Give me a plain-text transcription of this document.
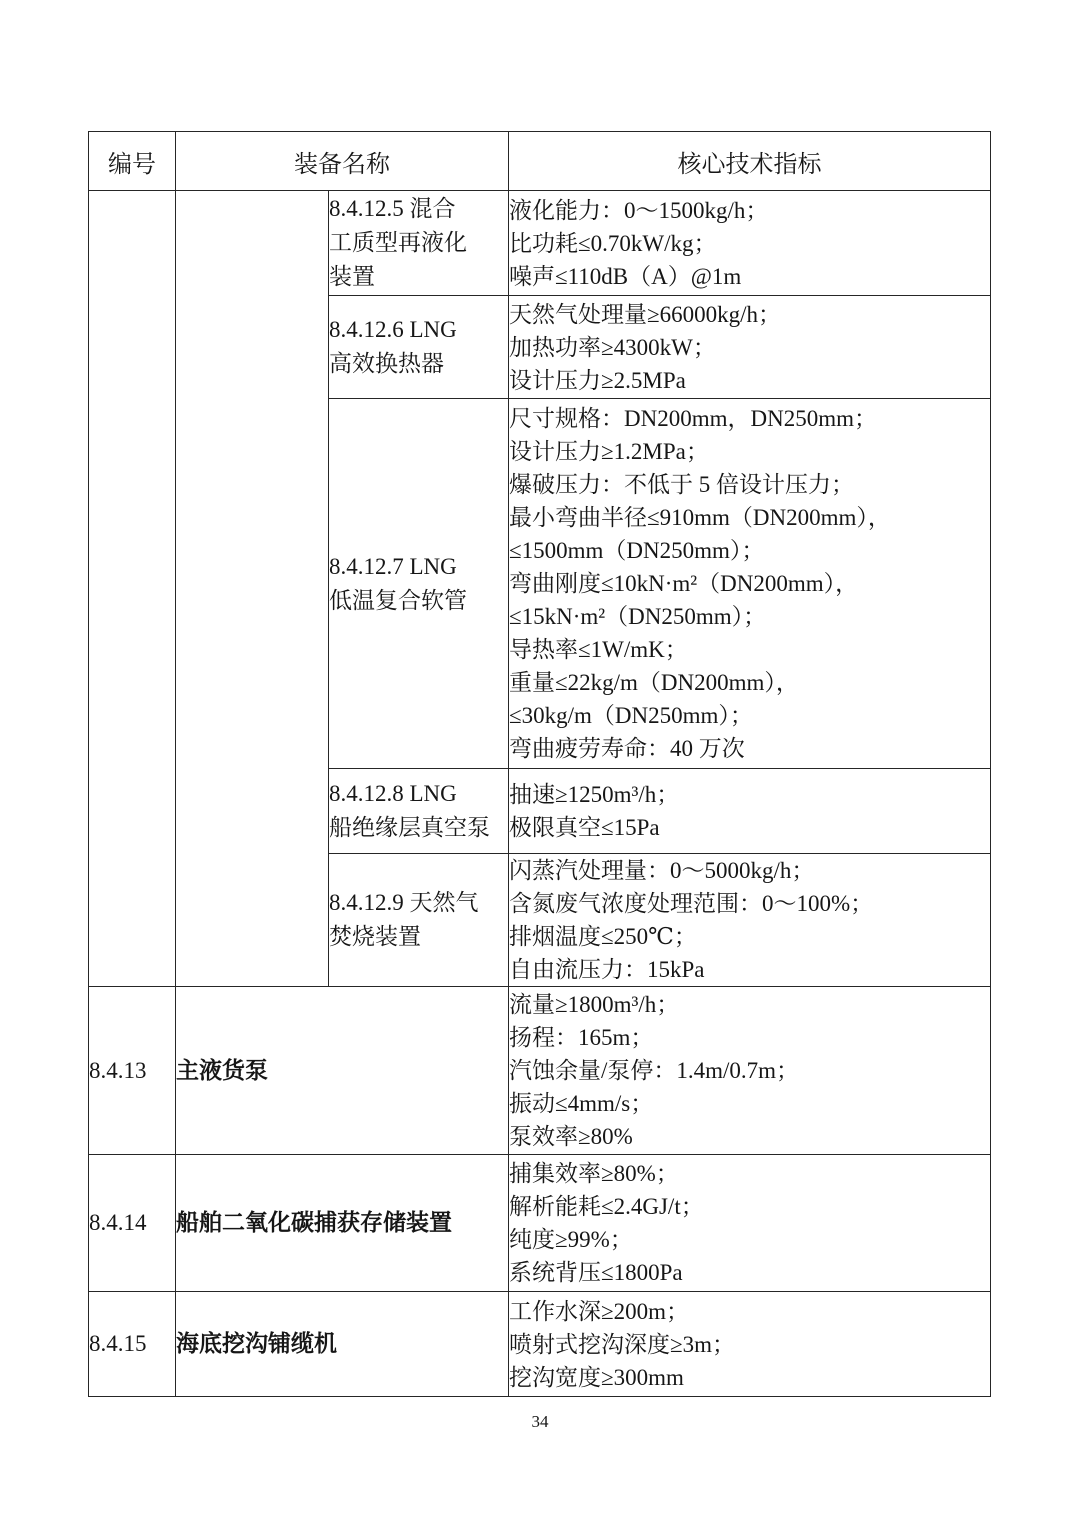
编号	装备名称		核心技术指标

8.4.12.5 混合
工质型再液化
装置

液化能力：0～1500kg/h；
比功耗≤0.70kW/kg；
噪声≤110dB（A）@1m

8.4.12.6 LNG
高效换热器

天然气处理量≥66000kg/h；
加热功率≥4300kW；
设计压力≥2.5MPa

8.4.12.7 LNG
低温复合软管

尺寸规格：DN200mm，DN250mm；
设计压力≥1.2MPa；
爆破压力：不低于 5 倍设计压力；
最小弯曲半径≤910mm（DN200mm），
≤1500mm（DN250mm）；
弯曲刚度≤10kN·m²（DN200mm），
≤15kN·m²（DN250mm）；
导热率≤1W/mK；
重量≤22kg/m（DN200mm），
≤30kg/m（DN250mm）；
弯曲疲劳寿命：40 万次

8.4.12.8 LNG
船绝缘层真空泵

抽速≥1250m³/h；
极限真空≤15Pa

8.4.12.9 天然气
焚烧装置

闪蒸汽处理量：0～5000kg/h；
含氮废气浓度处理范围：0～100%；
排烟温度≤250℃；
自由流压力：15kPa

8.4.13	主液货泵		流量≥1800m³/h；
扬程：165m；
汽蚀余量/泵停：1.4m/0.7m；
振动≤4mm/s；
泵效率≥80%

8.4.14	船舶二氧化碳捕获存储装置		捕集效率≥80%；
解析能耗≤2.4GJ/t；
纯度≥99%；
系统背压≤1800Pa

8.4.15	海底挖沟铺缆机		工作水深≥200m；
喷射式挖沟深度≥3m；
挖沟宽度≥300mm
34
